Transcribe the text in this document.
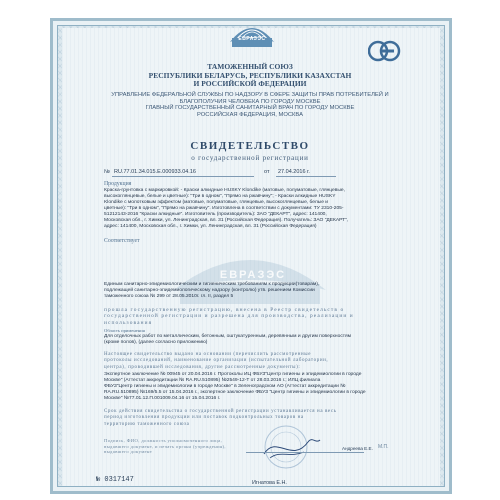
ЕВРАЗЭС
ТАМОЖЕННЫЙ СОЮЗ
РЕСПУБЛИКИ БЕЛАРУСЬ, РЕСПУБЛИКИ КАЗАХСТАН
И РОССИЙСКОЙ ФЕДЕРАЦИИ
УПРАВЛЕНИЕ ФЕДЕРАЛЬНОЙ СЛУЖБЫ ПО НАДЗОРУ В СФЕРЕ ЗАЩИТЫ ПРАВ ПОТРЕБИТЕЛЕЙ И
БЛАГОПОЛУЧИЯ ЧЕЛОВЕКА ПО ГОРОДУ МОСКВЕ
ГЛАВНЫЙ ГОСУДАРСТВЕННЫЙ САНИТАРНЫЙ ВРАЧ ПО ГОРОДУ МОСКВЕ
РОССИЙСКАЯ ФЕДЕРАЦИЯ, МОСКВА
СВИДЕТЕЛЬСТВО
о государственной регистрации
№ RU.77.01.34.015.E.000933.04.16	от 27.04.2016 г.
Продукция
Краска-грунтовка с маркировкой: - Краски алкидные HUSKY Klondike (матовые, полуматовые, глянцевые,
высокоглянцевые, белые и цветные): "Три в одном", "Прямо на ржавчину"; - Краски алкидные HUSKY
Klondike с молотковым эффектом (матовые, полуматовые, глянцевые, высокоглянцевые, белые и
цветные): "Три в одном", "Прямо на ржавчину". Изготовлена в соответствии с документами: ТУ 2310-205-
51212143-2016 "Краски алкидные". Изготовитель (производитель): ЗАО "ДЕКАРТ", адрес: 141400,
Московская обл., г. Химки, ул. Ленинградская, вл. 31 (Российская Федерация). Получатель: ЗАО "ДЕКАРТ",
адрес: 141400, Московская обл., г. Химки, ул. Ленинградская, вл. 31 (Российская Федерация)
ЕВРАЗЭС
Соответствует
Единым санитарно-эпидемиологическим и гигиеническим требованиям к продукции(товарам),
подлежащей санитарно-эпидемиологическому надзору (контролю) утв. решением Комиссии
таможенного союза № 299 от 28.05.2010г. гл. II, раздел 5
прошла государственную регистрацию, внесена в Реестр свидетельств о
государственной регистрации и разрешена для производства, реализации и
использования
Область применения
Для отделочных работ по металлическим, бетонным, оштукатуренным, деревянным и другим поверхностям
(кроме полов), (далее согласно приложению)
Настоящее свидетельство выдано на основании (перечислить рассмотренные
протоколы исследований, наименование организации (испытательной лаборатории,
центра), проводившей исследования, другие рассмотренные документы):
Экспертное заключение № 00945 от 20.04.2016 г. Протоколы ИЦ ФБУЗ"Центр гигиены и эпидемиологии в городе
Москве" (Аттестат аккредитации № RA.RU.510895) №2549-12-Т от 28.03.2016 г.; ИЛЦ филиала
ФБУЗ"Центр гигиены и эпидемиологии в городе Москве" в Зеленоградском АО (Аттестат аккредитации №
RA.RU.510895) №169/5.5 от 15.04.2016 г., экспертное заключение ФБУЗ "Центр гигиены и эпидемиологии в городе
Москве" №77.01.12.П.001009.04.16 от 15.04.2016 г.
Срок действия свидетельства о государственной регистрации устанавливается на весь
период изготовления продукции или поставок подконтрольных товаров на
территорию таможенного союза
Подпись, ФИО, должность уполномоченного лица,
выдавшего документ, и печать органа (учреждения),
выдавшего документ
Андреева Е.Е. М.П.
№ 0317147	Игнатова Е.Н.
